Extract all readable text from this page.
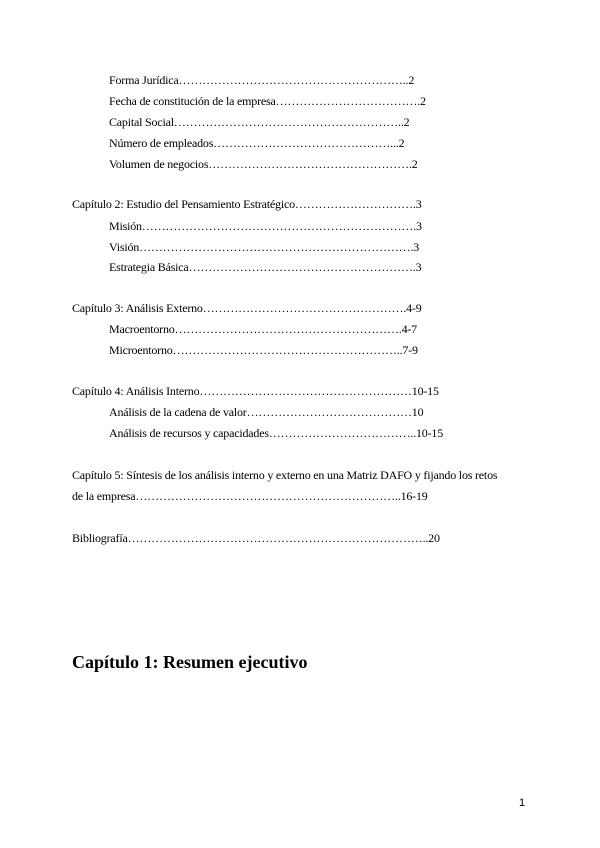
Forma Jurídica…………………………………………………..2
Fecha de constitución de la empresa……………………………….2
Capital Social…………………………………………………..2
Número de empleados………………………………………...2
Volumen de negocios…………………………………………….2
Capítulo 2: Estudio del Pensamiento Estratégico………………………….3
Misión…………………………………………………………….3
Visión…………………………………………………………….3
Estrategia Básica………………………………………………….3
Capítulo 3: Análisis Externo…………………………………………….4-9
Macroentorno………………………………………………….4-7
Microentorno…………………………………………………..7-9
Capítulo 4: Análisis Interno………………………………………………10-15
Análisis de la cadena de valor……………………………………10
Análisis de recursos y capacidades………………………………..10-15
Capítulo 5: Síntesis de los análisis interno y externo en una Matriz DAFO y fijando los retos
de la empresa…………………………………………………………..16-19
Bibliografía…………………………………………………………………..20
Capítulo 1: Resumen ejecutivo
1
